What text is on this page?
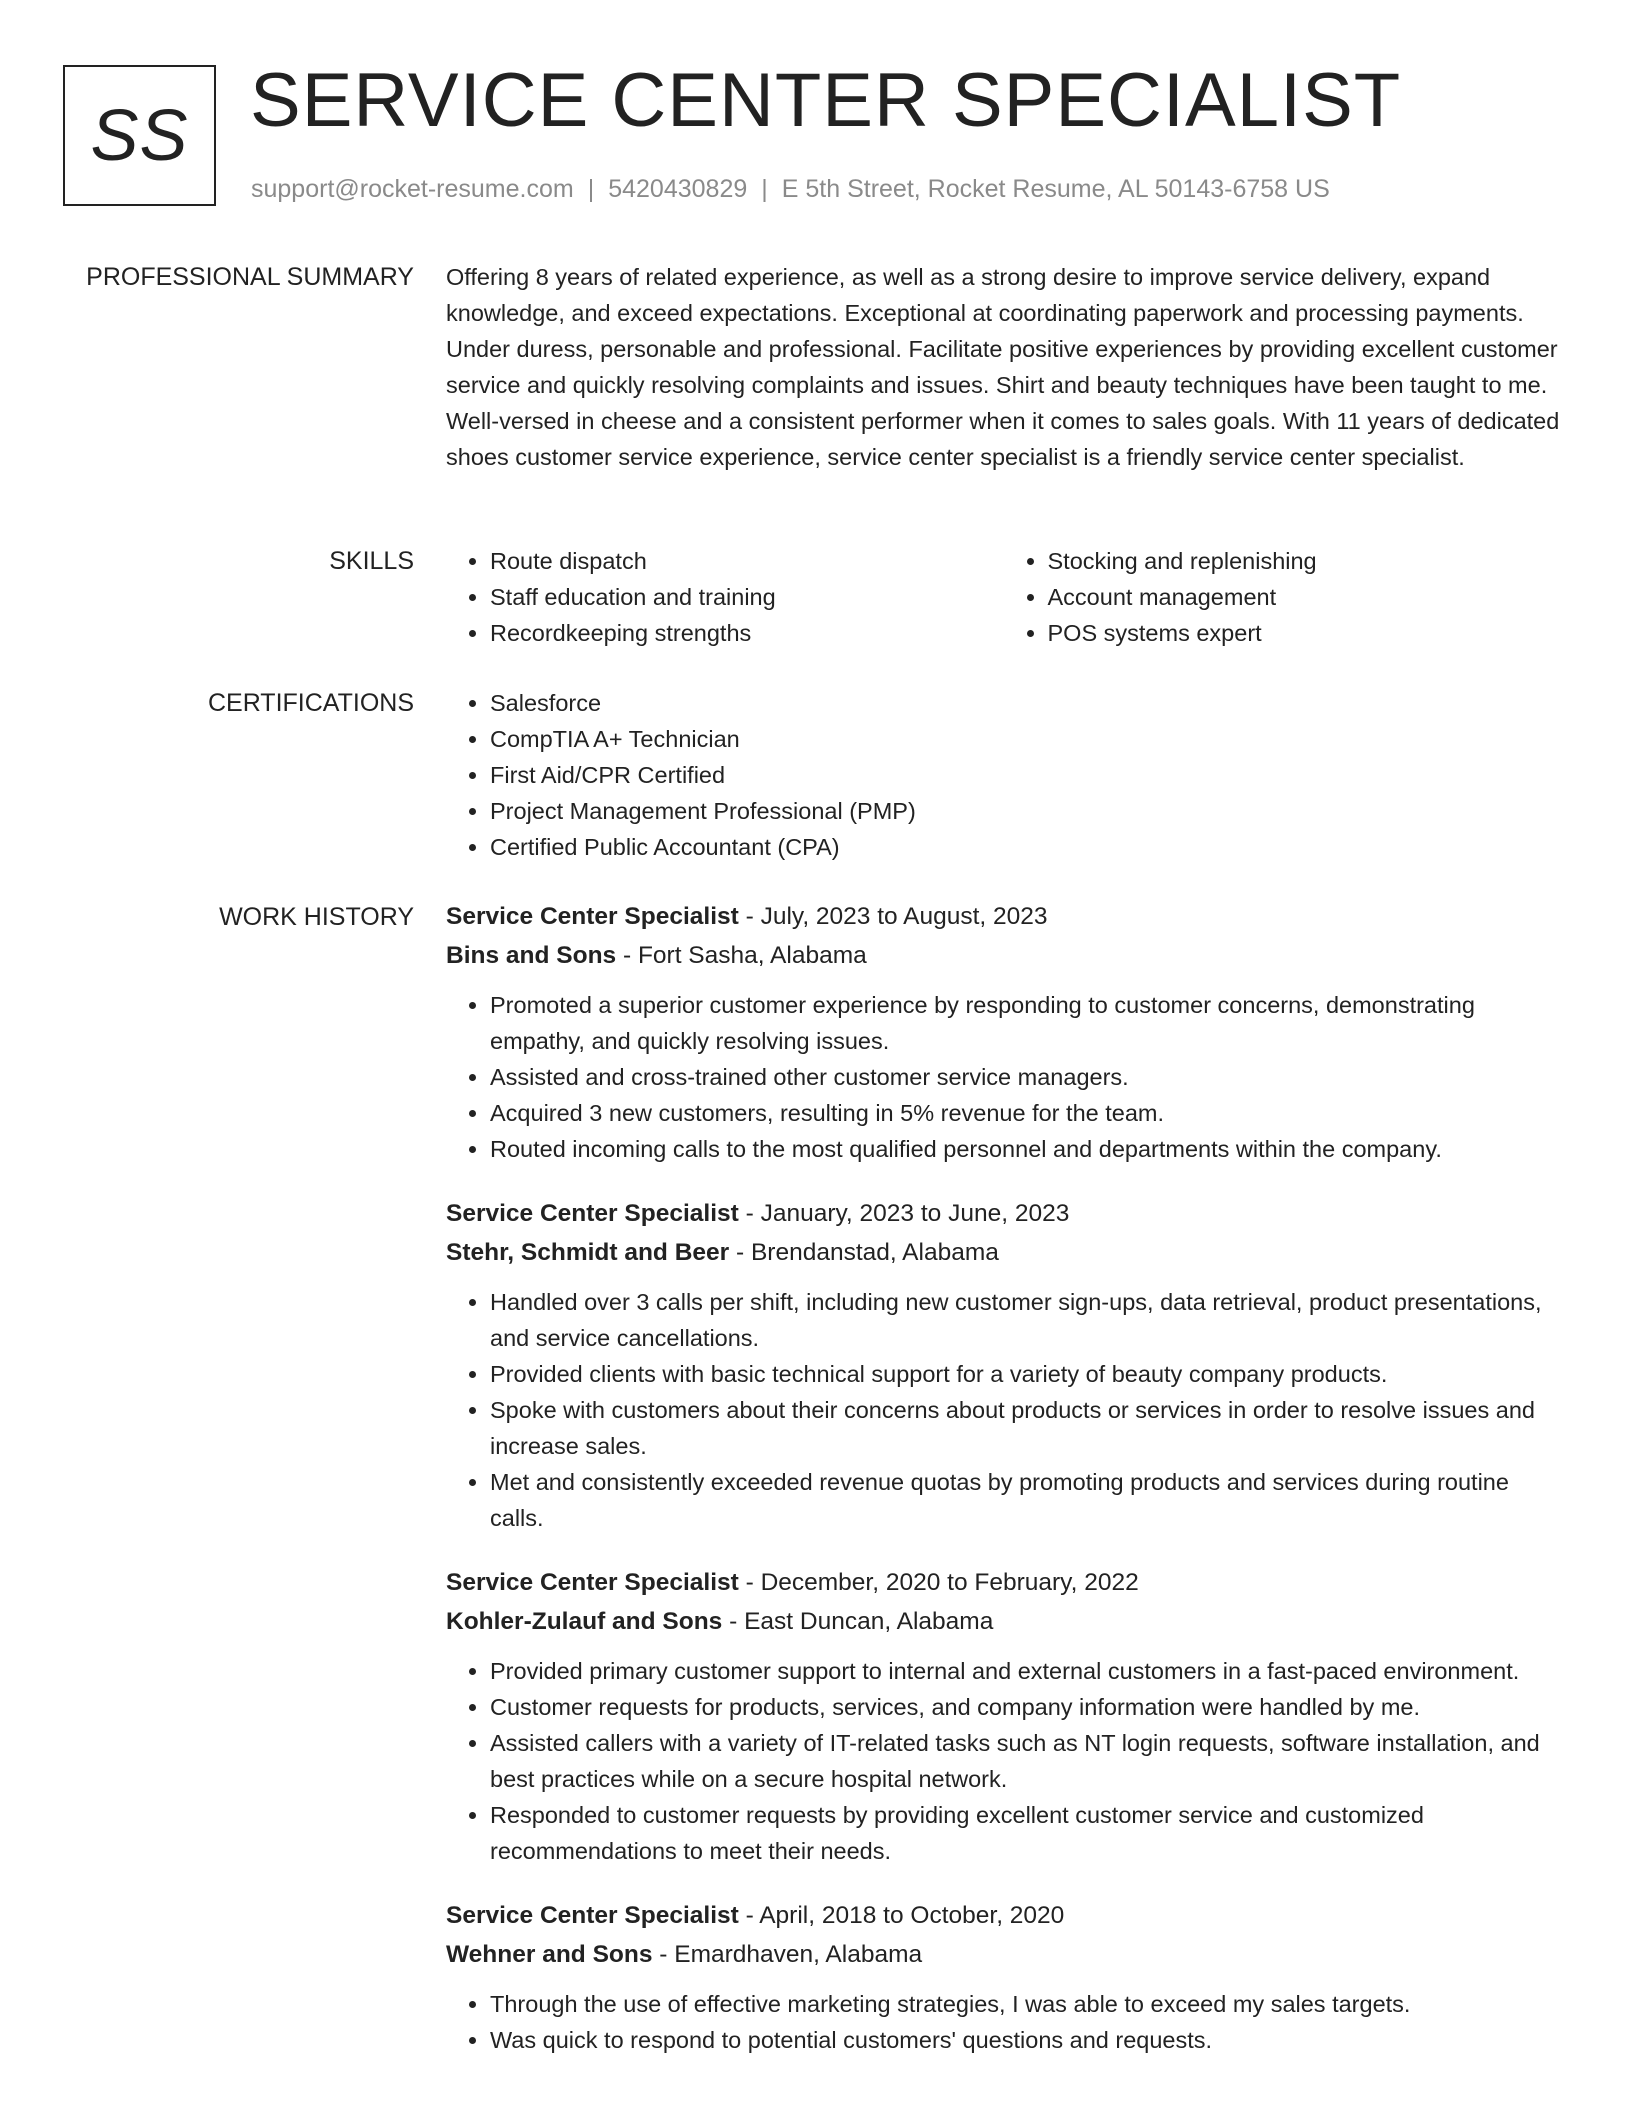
SS SERVICE CENTER SPECIALIST
support@rocket-resume.com | 5420430829 | E 5th Street, Rocket Resume, AL 50143-6758 US
PROFESSIONAL SUMMARY Offering 8 years of related experience, as well as a strong desire to improve service delivery, expand knowledge, and exceed expectations. Exceptional at coordinating paperwork and processing payments. Under duress, personable and professional. Facilitate positive experiences by providing excellent customer service and quickly resolving complaints and issues. Shirt and beauty techniques have been taught to me. Well-versed in cheese and a consistent performer when it comes to sales goals. With 11 years of dedicated shoes customer service experience, service center specialist is a friendly service center specialist.

SKILLS	• Route dispatch
• Staff education and training
• Recordkeeping strengths
• Stocking and replenishing
• Account management
• POS systems expert
CERTIFICATIONS	• Salesforce
• CompTIA A+ Technician
• First Aid/CPR Certified
• Project Management Professional (PMP)
• Certified Public Accountant (CPA)
WORK HISTORY Service Center Specialist - July, 2023 to August, 2023
Bins and Sons - Fort Sasha, Alabama
• Promoted a superior customer experience by responding to customer concerns, demonstrating empathy, and quickly resolving issues.
• Assisted and cross-trained other customer service managers.
• Acquired 3 new customers, resulting in 5% revenue for the team.
• Routed incoming calls to the most qualified personnel and departments within the company.
Service Center Specialist - January, 2023 to June, 2023
Stehr, Schmidt and Beer - Brendanstad, Alabama
• Handled over 3 calls per shift, including new customer sign-ups, data retrieval, product presentations, and service cancellations.
• Provided clients with basic technical support for a variety of beauty company products.
• Spoke with customers about their concerns about products or services in order to resolve issues and increase sales.
• Met and consistently exceeded revenue quotas by promoting products and services during routine calls.
Service Center Specialist - December, 2020 to February, 2022
Kohler-Zulauf and Sons - East Duncan, Alabama
• Provided primary customer support to internal and external customers in a fast-paced environment.
• Customer requests for products, services, and company information were handled by me.
• Assisted callers with a variety of IT-related tasks such as NT login requests, software installation, and best practices while on a secure hospital network.
• Responded to customer requests by providing excellent customer service and customized recommendations to meet their needs.
Service Center Specialist - April, 2018 to October, 2020
Wehner and Sons - Emardhaven, Alabama
• Through the use of effective marketing strategies, I was able to exceed my sales targets.
• Was quick to respond to potential customers' questions and requests.
